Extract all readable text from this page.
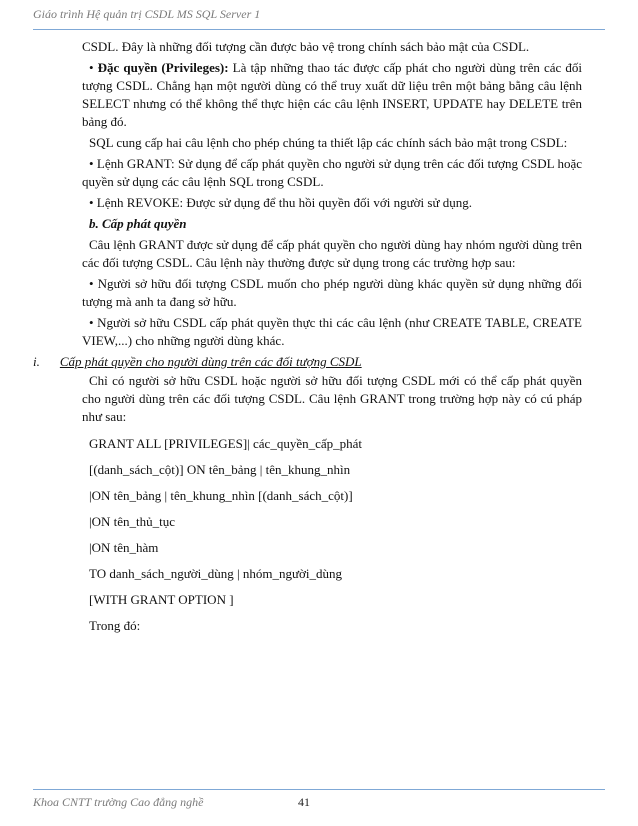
Giáo trình Hệ quản trị CSDL MS SQL Server 1

CSDL. Đây là những đối tượng cần được bảo vệ trong chính sách bảo mật của CSDL.

• Đặc quyền (Privileges): Là tập những thao tác được cấp phát cho người dùng trên các đối tượng CSDL. Chẳng hạn một người dùng có thể truy xuất dữ liệu trên một bảng bằng câu lệnh SELECT nhưng có thể không thể thực hiện các câu lệnh INSERT, UPDATE hay DELETE trên bảng đó.

SQL cung cấp hai câu lệnh cho phép chúng ta thiết lập các chính sách bảo mật trong CSDL:

• Lệnh GRANT: Sử dụng để cấp phát quyền cho người sử dụng trên các đối tượng CSDL hoặc quyền sử dụng các câu lệnh SQL trong CSDL.

• Lệnh REVOKE: Được sử dụng để thu hồi quyền đối với người sử dụng.

b. Cấp phát quyền

Câu lệnh GRANT được sử dụng để cấp phát quyền cho người dùng hay nhóm người dùng trên các đối tượng CSDL. Câu lệnh này thường được sử dụng trong các trường hợp sau:

• Người sở hữu đối tượng CSDL muốn cho phép người dùng khác quyền sử dụng những đối tượng mà anh ta đang sở hữu.

• Người sở hữu CSDL cấp phát quyền thực thi các câu lệnh (như CREATE TABLE, CREATE VIEW,...) cho những người dùng khác.

i. Cấp phát quyền cho người dùng trên các đối tượng CSDL

Chỉ có người sở hữu CSDL hoặc người sở hữu đối tượng CSDL mới có thể cấp phát quyền cho người dùng trên các đối tượng CSDL. Câu lệnh GRANT trong trường hợp này có cú pháp như sau:

GRANT ALL [PRIVILEGES]| các_quyền_cấp_phát

[(danh_sách_cột)] ON tên_bảng | tên_khung_nhìn

|ON tên_bảng | tên_khung_nhìn [(danh_sách_cột)]

|ON tên_thủ_tục

|ON tên_hàm

TO danh_sách_người_dùng | nhóm_người_dùng

[WITH GRANT OPTION ]

Trong đó:

Khoa CNTT trường Cao đẳng nghề	41
